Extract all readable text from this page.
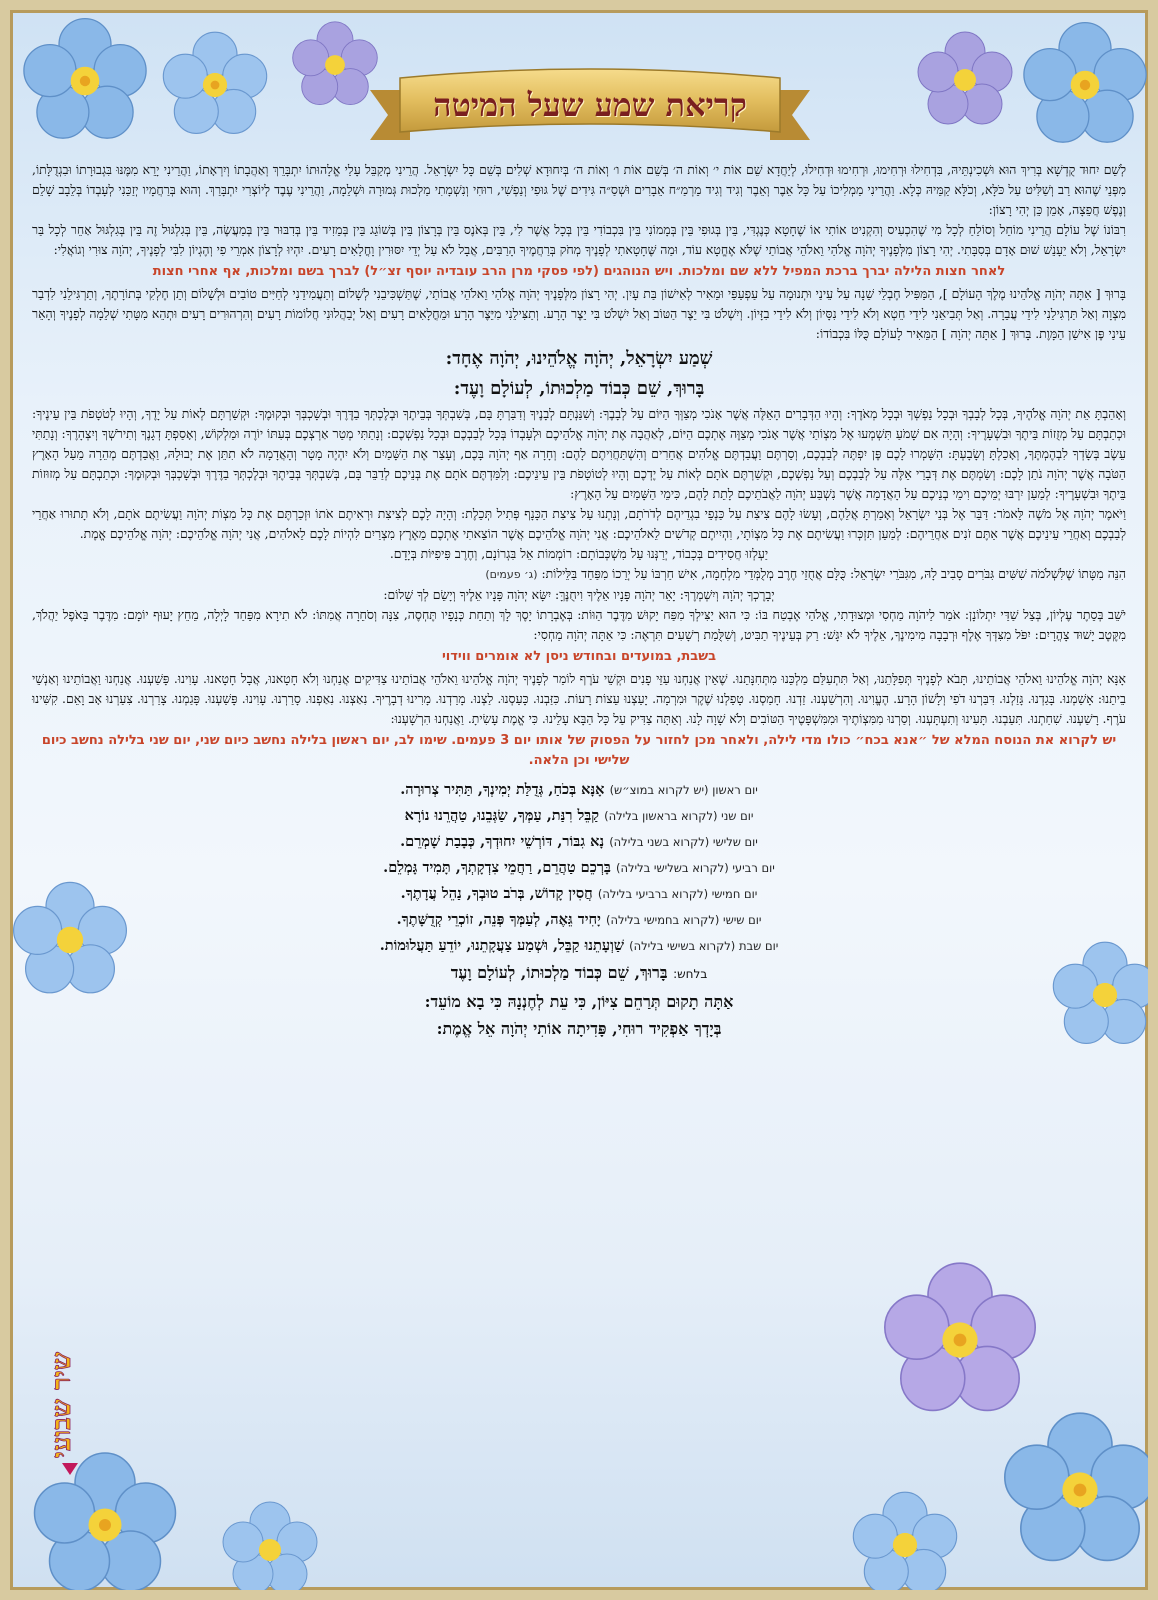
קריאת שמע שעל המיטה

לְשֵׁם יִחוּד קֻדְשָׁא בְּרִיךְ הוּא וּשְׁכִינְתֵּיהּ, בִּדְחִילוּ וּרְחִימוּ, וּרְחִימוּ וּדְחִילוּ, לְיַחֲדָא שֵׁם אוֹת י׳ וְאוֹת ה׳ בְּשֵׁם אוֹת ו׳ וְאוֹת ה׳ בְּיִחוּדָא שְׁלִים בְּשֵׁם כָּל יִשְׂרָאֵל. הֲרֵינִי מְקַבֵּל עָלַי אֱלָהוּתוֹ יִתְבָּרֵךְ וְאַהֲבָתוֹ וְיִרְאָתוֹ, וַהֲרֵינִי יָרֵא מִמֶּנּוּ בִּגְבוּרָתוֹ וּבִגְדֻלָּתוֹ, מִפְּנֵי שֶׁהוּא רַב וְשַׁלִּיט עַל כֹּלָּא, וְכֹלָּא קַמֵּיהּ כְּלָא. וַהֲרֵינִי מַמְלִיכוֹ עַל כָּל אֵבֶר וְאֵבֶר וְגִיד וְגִיד מֵרְמַ״ח אֵבָרִים וּשְׁסַ״ה גִּידִים שֶׁל גּוּפִי וְנַפְשִׁי, רוּחִי וְנִשְׁמָתִי מַלְכוּת גְּמוּרָה וּשְׁלֵמָה, וַהֲרֵינִי עֶבֶד לְיוֹצְרִי יִתְבָּרַךְ. וְהוּא בְּרַחֲמָיו יְזַכֵּנִי לְעָבְדוֹ בְּלֵבָב שָׁלֵם וְנֶפֶשׁ חֲפֵצָה, אָמֵן כֵּן יְהִי רָצוֹן:

רִבּוֹנוֹ שֶׁל עוֹלָם הֲרֵינִי מוֹחֵל וְסוֹלֵחַ לְכָל מִי שֶׁהִכְעִיס וְהִקְנִיט אוֹתִי אוֹ שֶׁחָטָא כְּנֶגְדִּי, בֵּין בְּגוּפִי בֵּין בְּמָמוֹנִי בֵּין בִּכְבוֹדִי בֵּין בְּכָל אֲשֶׁר לִי, בֵּין בְּאֹנֶס בֵּין בְּרָצוֹן בֵּין בְּשׁוֹגֵג בֵּין בְּמֵזִיד בֵּין בְּדִבּוּר בֵּין בְּמַעֲשֶׂה, בֵּין בְּגִלְגּוּל זֶה בֵּין בְּגִלְגּוּל אַחֵר לְכָל בַּר יִשְׂרָאֵל, וְלֹא יֵעָנֵשׁ שׁוּם אָדָם בְּסִבָּתִי. יְהִי רָצוֹן מִלְּפָנֶיךָ יְהֹוָה אֱלֹהַי וֵאלֹהֵי אֲבוֹתַי שֶׁלֹּא אֶחֱטָא עוֹד, וּמַה שֶּׁחָטָאתִי לְפָנֶיךָ מְחֹק בְּרַחֲמֶיךָ הָרַבִּים, אֲבָל לֹא עַל יְדֵי יִסּוּרִין וָחֳלָאִים רָעִים. יִהְיוּ לְרָצוֹן אִמְרֵי פִי וְהֶגְיוֹן לִבִּי לְפָנֶיךָ, יְהֹוָה צוּרִי וְגוֹאֲלִי:

לאחר חצות הלילה יברך ברכת המפיל ללא שם ומלכות. ויש הנוהגים (לפי פסקי מרן הרב עובדיה יוסף זצ״ל) לברך בשם ומלכות, אף אחרי חצות

בָּרוּךְ [ אַתָּה יְהֹוָה אֱלֹהֵינוּ מֶלֶךְ הָעוֹלָם ], הַמַּפִּיל חֶבְלֵי שֵׁנָה עַל עֵינַי וּתְנוּמָה עַל עַפְעַפַּי וּמֵאִיר לְאִישׁוֹן בַּת עָיִן. יְהִי רָצוֹן מִלְּפָנֶיךָ יְהֹוָה אֱלֹהַי וֵאלֹהֵי אֲבוֹתַי, שֶׁתַּשְׁכִּיבֵנִי לְשָׁלוֹם וְתַעֲמִידֵנִי לְחַיִּים טוֹבִים וּלְשָׁלוֹם וְתֵן חֶלְקִי בְּתוֹרָתֶךָ, וְתַרְגִּילֵנִי לִדְבַר מִצְוָה וְאַל תַּרְגִּילֵנִי לִידֵי עֲבֵרָה. וְאַל תְּבִיאֵנִי לִידֵי חֵטְא וְלֹא לִידֵי נִסָּיוֹן וְלֹא לִידֵי בִזָּיוֹן. וְיִשְׁלֹט בִּי יֵצֶר הַטּוֹב וְאַל יִשְׁלֹט בִּי יֵצֶר הָרָע. וְתַצִּילֵנִי מִיֵּצֶר הָרָע וּמֵחֳלָאִים רָעִים וְאַל יְבַהֲלוּנִי חֲלוֹמוֹת רָעִים וְהִרְהוּרִים רָעִים וּתְהֵא מִטָּתִי שְׁלֵמָה לְפָנֶיךָ וְהָאֵר עֵינַי פֶּן אִישַׁן הַמָּוֶת. בָּרוּךְ [ אַתָּה יְהֹוָה ] הַמֵּאִיר לָעוֹלָם כֻּלּוֹ בִּכְבוֹדוֹ:

שְׁמַע יִשְׂרָאֵל, יְהֹוָה אֱלֹהֵינוּ, יְהֹוָה אֶחָד:

בָּרוּךְ, שֵׁם כְּבוֹד מַלְכוּתוֹ, לְעוֹלָם וָעֶד:

וְאָהַבְתָּ אֵת יְהֹוָה אֱלֹהֶיךָ, בְּכָל לְבָבְךָ וּבְכָל נַפְשְׁךָ וּבְכָל מְאֹדֶךָ: וְהָיוּ הַדְּבָרִים הָאֵלֶּה אֲשֶׁר אָנֹכִי מְצַוְּךָ הַיּוֹם עַל לְבָבֶךָ: וְשִׁנַּנְתָּם לְבָנֶיךָ וְדִבַּרְתָּ בָּם, בְּשִׁבְתְּךָ בְּבֵיתֶךָ וּבְלֶכְתְּךָ בַדֶּרֶךְ וּבְשָׁכְבְּךָ וּבְקוּמֶךָ: וּקְשַׁרְתָּם לְאוֹת עַל יָדֶךָ, וְהָיוּ לְטֹטָפֹת בֵּין עֵינֶיךָ: וּכְתַבְתָּם עַל מְזֻזוֹת בֵּיתֶךָ וּבִשְׁעָרֶיךָ: וְהָיָה אִם שָׁמֹעַ תִּשְׁמְעוּ אֶל מִצְוֹתַי אֲשֶׁר אָנֹכִי מְצַוֶּה אֶתְכֶם הַיּוֹם, לְאַהֲבָה אֶת יְהֹוָה אֱלֹהֵיכֶם וּלְעָבְדוֹ בְּכָל לְבַבְכֶם וּבְכָל נַפְשְׁכֶם: וְנָתַתִּי מְטַר אַרְצְכֶם בְּעִתּוֹ יוֹרֶה וּמַלְקוֹשׁ, וְאָסַפְתָּ דְגָנֶךָ וְתִירֹשְׁךָ וְיִצְהָרֶךָ: וְנָתַתִּי עֵשֶׂב בְּשָׂדְךָ לִבְהֶמְתֶּךָ, וְאָכַלְתָּ וְשָׂבָעְתָּ: הִשָּׁמְרוּ לָכֶם פֶּן יִפְתֶּה לְבַבְכֶם, וְסַרְתֶּם וַעֲבַדְתֶּם אֱלֹהִים אֲחֵרִים וְהִשְׁתַּחֲוִיתֶם לָהֶם: וְחָרָה אַף יְהֹוָה בָּכֶם, וְעָצַר אֶת הַשָּׁמַיִם וְלֹא יִהְיֶה מָטָר וְהָאֲדָמָה לֹא תִתֵּן אֶת יְבוּלָהּ, וַאֲבַדְתֶּם מְהֵרָה מֵעַל הָאָרֶץ הַטֹּבָה אֲשֶׁר יְהֹוָה נֹתֵן לָכֶם: וְשַׂמְתֶּם אֶת דְּבָרַי אֵלֶּה עַל לְבַבְכֶם וְעַל נַפְשְׁכֶם, וּקְשַׁרְתֶּם אֹתָם לְאוֹת עַל יֶדְכֶם וְהָיוּ לְטוֹטָפֹת בֵּין עֵינֵיכֶם: וְלִמַּדְתֶּם אֹתָם אֶת בְּנֵיכֶם לְדַבֵּר בָּם, בְּשִׁבְתְּךָ בְּבֵיתֶךָ וּבְלֶכְתְּךָ בַדֶּרֶךְ וּבְשָׁכְבְּךָ וּבְקוּמֶךָ: וּכְתַבְתָּם עַל מְזוּזוֹת בֵּיתֶךָ וּבִשְׁעָרֶיךָ: לְמַעַן יִרְבּוּ יְמֵיכֶם וִימֵי בְנֵיכֶם עַל הָאֲדָמָה אֲשֶׁר נִשְׁבַּע יְהֹוָה לַאֲבֹתֵיכֶם לָתֵת לָהֶם, כִּימֵי הַשָּׁמַיִם עַל הָאָרֶץ:

וַיֹּאמֶר יְהֹוָה אֶל מֹשֶׁה לֵּאמֹר: דַּבֵּר אֶל בְּנֵי יִשְׂרָאֵל וְאָמַרְתָּ אֲלֵהֶם, וְעָשׂוּ לָהֶם צִיצִת עַל כַּנְפֵי בִגְדֵיהֶם לְדֹרֹתָם, וְנָתְנוּ עַל צִיצִת הַכָּנָף פְּתִיל תְּכֵלֶת: וְהָיָה לָכֶם לְצִיצִת וּרְאִיתֶם אֹתוֹ וּזְכַרְתֶּם אֶת כָּל מִצְוֹת יְהֹוָה וַעֲשִׂיתֶם אֹתָם, וְלֹא תָתוּרוּ אַחֲרֵי לְבַבְכֶם וְאַחֲרֵי עֵינֵיכֶם אֲשֶׁר אַתֶּם זֹנִים אַחֲרֵיהֶם: לְמַעַן תִּזְכְּרוּ וַעֲשִׂיתֶם אֶת כָּל מִצְוֹתָי, וִהְיִיתֶם קְדֹשִׁים לֵאלֹהֵיכֶם: אֲנִי יְהֹוָה אֱלֹהֵיכֶם אֲשֶׁר הוֹצֵאתִי אֶתְכֶם מֵאֶרֶץ מִצְרַיִם לִהְיוֹת לָכֶם לֵאלֹהִים, אֲנִי יְהֹוָה אֱלֹהֵיכֶם: יְהֹוָה אֱלֹהֵיכֶם אֱמֶת.

יַעְלְזוּ חֲסִידִים בְּכָבוֹד, יְרַנְּנוּ עַל מִשְׁכְּבוֹתָם: רוֹמְמוֹת אֵל בִּגְרוֹנָם, וְחֶרֶב פִּיפִיּוֹת בְּיָדָם.

הִנֵּה מִטָּתוֹ שֶׁלִּשְׁלֹמֹה שִׁשִּׁים גִּבֹּרִים סָבִיב לָהּ, מִגִּבֹּרֵי יִשְׂרָאֵל: כֻּלָּם אֲחֻזֵי חֶרֶב מְלֻמְּדֵי מִלְחָמָה, אִישׁ חַרְבּוֹ עַל יְרֵכוֹ מִפַּחַד בַּלֵּילוֹת: (ג׳ פעמים)

יְבָרֶכְךָ יְהֹוָה וְיִשְׁמְרֶךָ: יָאֵר יְהֹוָה פָּנָיו אֵלֶיךָ וִיחֻנֶּךָּ: יִשָּׂא יְהֹוָה פָּנָיו אֵלֶיךָ וְיָשֵׂם לְךָ שָׁלוֹם:

יֹשֵׁב בְּסֵתֶר עֶלְיוֹן, בְּצֵל שַׁדַּי יִתְלוֹנָן: אֹמַר לַיהֹוָה מַחְסִי וּמְצוּדָתִי, אֱלֹהַי אֶבְטַח בּוֹ: כִּי הוּא יַצִּילְךָ מִפַּח יָקוּשׁ מִדֶּבֶר הַוּוֹת: בְּאֶבְרָתוֹ יָסֶךְ לָךְ וְתַחַת כְּנָפָיו תֶּחְסֶה, צִנָּה וְסֹחֵרָה אֲמִתּוֹ: לֹא תִירָא מִפַּחַד לָיְלָה, מֵחֵץ יָעוּף יוֹמָם: מִדֶּבֶר בָּאֹפֶל יַהֲלֹךְ, מִקֶּטֶב יָשׁוּד צָהֳרָיִם: יִפֹּל מִצִּדְּךָ אֶלֶף וּרְבָבָה מִימִינֶךָ, אֵלֶיךָ לֹא יִגָּשׁ: רַק בְּעֵינֶיךָ תַבִּיט, וְשִׁלֻּמַת רְשָׁעִים תִּרְאֶה: כִּי אַתָּה יְהֹוָה מַחְסִי:

בשבת, במועדים ובחודש ניסן לא אומרים ווידוי

אָנָּא יְהֹוָה אֱלֹהֵינוּ וֵאלֹהֵי אֲבוֹתֵינוּ, תָּבֹא לְפָנֶיךָ תְּפִלָּתֵנוּ, וְאַל תִּתְעַלַּם מַלְכֵּנוּ מִתְּחִנָּתֵנוּ. שֶׁאֵין אֲנַחְנוּ עַזֵּי פָנִים וּקְשֵׁי עֹרֶף לוֹמַר לְפָנֶיךָ יְהֹוָה אֱלֹהֵינוּ וֵאלֹהֵי אֲבוֹתֵינוּ צַדִּיקִים אֲנַחְנוּ וְלֹא חָטָאנוּ, אֲבָל חָטָאנוּ. עָוִינוּ. פָּשַׁעְנוּ. אֲנַחְנוּ וַאֲבוֹתֵינוּ וְאַנְשֵׁי בֵיתֵנוּ: אָשַׁמְנוּ. בָּגַדְנוּ. גָּזַלְנוּ. דִּבַּרְנוּ דֹפִי וְלָשׁוֹן הָרָע. הֶעֱוִינוּ. וְהִרְשַׁעְנוּ. זַדְנוּ. חָמַסְנוּ. טָפַלְנוּ שֶׁקֶר וּמִרְמָה. יָעַצְנוּ עֵצוֹת רָעוֹת. כִּזַּבְנוּ. כָּעַסְנוּ. לַצְנוּ. מָרַדְנוּ. מָרִינוּ דְבָרֶיךָ. נִאַצְנוּ. נִאַפְנוּ. סָרַרְנוּ. עָוִינוּ. פָּשַׁעְנוּ. פָּגַמְנוּ. צָרַרְנוּ. צִעַרְנוּ אָב וָאֵם. קִשִּׁינוּ עֹרֶף. רָשַׁעְנוּ. שִׁחַתְנוּ. תִּעַבְנוּ. תָּעִינוּ וְתִעְתָּעְנוּ. וְסַרְנוּ מִמִּצְוֹתֶיךָ וּמִמִּשְׁפָּטֶיךָ הַטּוֹבִים וְלֹא שָׁוָה לָנוּ. וְאַתָּה צַדִּיק עַל כָּל הַבָּא עָלֵינוּ. כִּי אֱמֶת עָשִׂיתָ. וַאֲנַחְנוּ הִרְשָׁעְנוּ:

יש לקרוא את הנוסח המלא של ״אנא בכח״ כולו מדי לילה, ולאחר מכן לחזור על הפסוק של אותו יום 3 פעמים. שימו לב, יום ראשון בלילה נחשב כיום שני, יום שני בלילה נחשב כיום שלישי וכן הלאה.

יום ראשון (יש לקרוא במוצ״ש) אָנָּא בְּכֹחַ, גְּדֻלַּת יְמִינְךָ, תַּתִּיר צְרוּרָה.
יום שני (לקרוא בראשון בלילה) קַבֵּל רִנַּת, עַמְּךָ, שַׂגְּבֵנוּ, טַהֲרֵנוּ נוֹרָא
יום שלישי (לקרוא בשני בלילה) נָא גִבּוֹר, דּוֹרְשֵׁי יִחוּדְךָ, כְּבָבַת שָׁמְרֵם.
יום רביעי (לקרוא בשלישי בלילה) בָּרְכֵם טַהֲרֵם, רַחֲמֵי צִדְקָתְךָ, תָּמִיד גָּמְלֵם.
יום חמישי (לקרוא ברביעי בלילה) חֲסִין קָדוֹשׁ, בְּרֹב טוּבְךָ, נַהֵל עֲדָתֶךָ.
יום שישי (לקרוא בחמישי בלילה) יָחִיד גֵּאֶה, לְעַמְּךָ פְּנֵה, זוֹכְרֵי קְדֻשָּׁתֶךָ.
יום שבת (לקרוא בשישי בלילה) שַׁוְעָתֵנוּ קַבֵּל, וּשְׁמַע צַעֲקָתֵנוּ, יוֹדֵעַ תַּעֲלוּמוֹת.

בלחש: בָּרוּךְ, שֵׁם כְּבוֹד מַלְכוּתוֹ, לְעוֹלָם וָעֶד

אַתָּה תָקוּם תְּרַחֵם צִיּוֹן, כִּי עֵת לְחֶנְנָהּ כִּי בָא מוֹעֵד:

בְּיָדְךָ אַפְקִיד רוּחִי, פָּדִיתָה אוֹתִי יְהֹוָה אֵל אֱמֶת:

שיר שבועי
